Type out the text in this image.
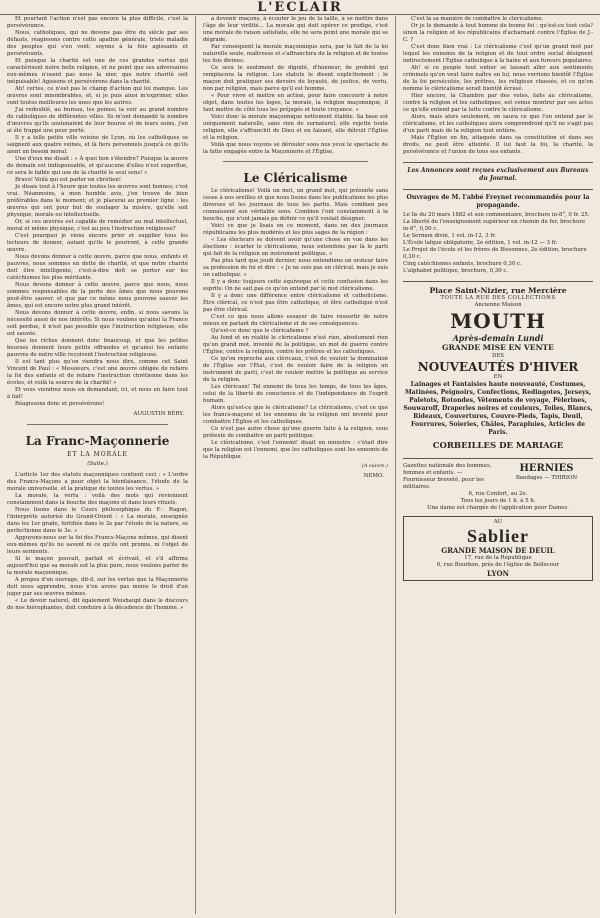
L'ECLAIR

Et pourtant l'action n'est pas encore la plus difficile, c'est la persévérance.

Nous, catholiques, qui ne devons pas être du siècle par ses défauts, réagissons contre cette apathie générale, triste maladie des peuples qui s'en vont; soyons à la fois agissants et persévérants.

Et puisque la charité est une de ces grandes vertus qui caractérisent notre belle religion, et ne point que ses adversaires eux-mêmes n'osent pas nous la nier, que notre charité soit inépuisable! Agissons et persévérons dans la charité.

Ah! certes, ce n'est pas le champ d'action qui lui manque. Les œuvres sont innombrables, et, si je puis ainsi m'exprimer, elles sont toutes meilleures les unes que les autres.

J'ai redoublé, au bureau, les peines; la voir au grand nombre de catholiques de différentes villes. Ils m'ont demandé le nombre d'œuvres qu'ils soutenaient de leur bourse et de leurs soins, j'en ai été frappé une peur porté.

Il y a telle petite ville voisine de Lyon, où les catholiques se saignent aux quatre veines, et là fiers personnels jusqu'à ce qu'ils aient un besoin moral.

Une d'eux me disait : « À quoi bon s'étendre? Puisque la œuvre de demain est indispensable, et qu'aucune d'elles n'est superflue, ce sera le faible qui use de la charité le seul sens! »

Bravo! Voilà qui est parler en chrétien!

Je disais tout à l'heure que toutes les œuvres sont bonnes; c'est vrai. Néanmoins, à mon humble avis, j'en trouve de bien préférables dans le moment; et je placerai au premier ligne : les œuvres qui ont pour but de soulager la misère, qu'elle soit physique, morale ou intellectuelle.

Or, si ces œuvres est capable de remédier au mal intellectuel, moral et même physique, c'est au peu l'instruction religieuse?

C'est pourquoi je viens encore prier et supplier tous les lecteurs de donner, autant qu'ils le pourront, à cette grande œuvre.

Nous devons donner à cette œuvre, parce que nous, enfants et pauvres, nous sommes en dette de charité, et que notre charité doit être intelligente, c'est-à-dire doit se porter sur les catéchismes les plus méritants.

Nous devons donner à cette œuvre, parce que nous, nous sommes responsables de la perte des âmes que nous pouvons peut-être sauver, et que par ce même nous pouvons sauver les âmes, qui est encore notre plus grand intérêt.

Nous devons donner à cette œuvre, enfin, si nous savons la nécessité aussi de nos intérêts. Si nous voulons qu'ainsi la France soit perdue, il n'est pas possible que l'instruction religieuse, elle est sauvée.

Que les riches donnent donc beaucoup, et que les petites bourses donnent leurs petits offrandes et qu'ainsi les enfants pauvres de notre ville reçoivent l'instruction religieuse.

Il est tant plus qu'on viendra nous dire, comme cet Saint Vincent de Paul : « Messieurs, c'est une œuvre obligée de refaire la foi des enfants et de refaire l'instruction chrétienne dans les écoles, et voilà la source de la charité! »

Et vous viendrez nous en demandant, ici, et nous en faire tout à fait!

Réagissons donc et persévérons!

AUGUSTIN BÉRY.
La Franc-Maçonnerie
ET LA MORALE
(Suite.)

L'article 1er des statuts maçonniques contient ceci : « L'ordre des Francs-Maçons a pour objet la bienfaisance, l'étude de la morale universelle, et la pratique de toutes les vertus. »

La morale, la vertu : voilà des mots qui reviennent constamment dans la bouche des maçons et dans leurs rituels.

Nous lisons dans le Cours philosophique du F.·. Ragon, l'interprète autorisé du Grand-Orient : « La morale, enseignée dans les 1er grade, fortifiée dans le 2e par l'étude de la nature, se perfectionne dans le 3e. »

Appuyons-nous sur la foi des Francs-Maçons mêmes, qui disent eux-mêmes qu'ils ne savent ni ce qu'ils ont promis, ni l'objet de leurs serments.

Si le maçon pouvait, parlait et écrivait, et s'il affirme aujourd'hui que sa morale est la plus pure, nous voulons parler de la morale maçonnique.

À propos d'un ouvrage, dit-il, sur les vertus que la Maçonnerie doit nous apprendre, nous n'en avons pas moins le droit d'en juger par ses œuvres mêmes.

« Le devoir naturel, dit également Weishaupt dans le discours de nos hiérophantes, doit conduire à la décadence de l'homme. »

à devenir maçons, à écouter le jeu de la taille, à se mettre dans l'âge de leur virilité... La morale qui doit opérer ce prodige, c'est une morale de raison satisfaite, elle ne sera point une morale qui se dégrade.

Par conséquent la morale maçonnique sera, par le fait de la loi naturelle seule, maîtresse et s'affranchira de la religion et de toutes les fois divines.

Ce sera le sentiment de dignité, d'honneur, de probité qui remplacera la religion. Les statuts le disent explicitement : le maçon doit pratiquer ses devoirs de loyauté, de justice, de vertu, non par religion, mais parce qu'il est homme.

« Pour vivre et mettre en action, pour faire concourir à notre objet, dans toutes les loges, la morale, la religion maçonnique, il faut mettre de côté tous les préjugés et toute croyance. »

Voici donc la morale maçonnique nettement établie. Sa base est uniquement naturelle, sans rien de surnaturel, elle rejette toute religion, elle s'affranchit de Dieu et en faisant, elle détruit l'Église et la religion.

Voilà que nous voyons se dérouler sous nos yeux le spectacle de la lutte engagée entre la Maçonnerie et l'Église.

Le Cléricalisme

Le cléricalisme! Voilà un mot, un grand mot, qui présente sans cesse à nos oreilles et que nous lisons dans les publications les plus diverses et les journaux de tous les partis. Mais combien peu connaissent son véritable sens. Combien l'ont constamment à la bouche, qui n'ont jamais pu définir ce qu'il voulait désigner.

Voici ce que je lisais en ce moment, dans un des journaux républicains les plus modérés et les plus sages de la région :

« Les électeurs se doivent avoir qu'une chose en vue dans les élections : écarter le cléricalisme, nous entendons par là le parti qui fait de la religion un instrument politique. »

Pas plus tard que jeudi dernier, nous entendions un orateur faire sa profession de foi et dire : « Je ne suis pas un clérical, mais je suis un catholique. »

Il y a donc toujours cette équivoque et cette confusion dans les esprits. On ne sait pas ce qu'on entend par le mot cléricalisme.

Il y a donc une différence entre cléricalisme et catholicisme. Être clérical, ce n'est pas être catholique, et être catholique n'est pas être clérical.

C'est ce que nous allons essayer de faire ressortir de notre mieux en parlant du cléricalisme et de ses conséquences.

Qu'est-ce donc que le cléricalisme ?

Au fond et en réalité le cléricalisme n'est rien, absolument rien qu'un grand mot, inventé de la politique, un mot de guerre contre l'Église, contre la religion, contre les prêtres et les catholiques.

Ce qu'on reproche aux cléricaux, c'est de vouloir la domination de l'Église sur l'État, c'est de vouloir faire de la religion un instrument de parti, c'est de vouloir mettre la politique au service de la religion.

Les cléricaux! Tel ennemi de tous les temps, de tous les âges, celui de la liberté de conscience et de l'indépendance de l'esprit humain.

Alors qu'est-ce que le cléricalisme? Le cléricalisme, c'est ce que les francs-maçons et les ennemis de la religion ont inventé pour combattre l'Église et les catholiques.

Ce n'est pas autre chose qu'une guerre faite à la religion, sous prétexte de combattre un parti politique.

Le cléricalisme, c'est l'ennemi! disait un ministre : c'était dire que la religion est l'ennemi, que les catholiques sont les ennemis de la République.

(A suivre.)
NEMO.

C'est là sa manière de combattre le cléricalisme.

Or je le demande à tout homme de bonne foi : qu'est-ce tout cela? sinon la religion et les républicains d'acharnant contre l'Église de J.-C. ?

C'est donc bien vrai : Le cléricalisme c'est qu'un grand mot par lequel les ennemis de la religion et de tout ordre social désignent indirectement l'Église catholique à la haine et aux fureurs populaires.

Ah! si ce peuple tout entier se laissait aller aux sentiments criminels qu'on veut faire naître en lui, nous verrions bientôt l'Église de la foi persécutée, les prêtres, les religieux chassés, et ce qu'on nomme le cléricalisme serait bientôt écrasé.

Hier encore, la Chambre par des votes, faits au cléricalisme, contre la religion et les catholiques, est venue montrer par ses actes ce qu'elle entend par la lutte contre le cléricalisme.

Alors, mais alors seulement, on saura ce que l'on entend par le cléricalisme, et les catholiques alors comprendront qu'il ne s'agit pas d'un parti mais de la religion tout entière.

Mais l'Église en fin, attaquée dans sa constitution et dans ses droits, ne peut être atteinte. Il lui faut la foi, la charité, la persévérance et l'union de tous ses enfants.

Les Annonces sont reçues exclusivement aux Bureaux du Journal.
Ouvrages de M. l'abbé Freynet recommandés pour la propagande.
Le lis du 20 mars 1882 et son commentaire, brochure in-8°, 0 fr. 25.
La liberté de l'enseignement supérieur en chemin de fer, brochure in-8°, 0,50 c.
Le Sermon divin, 1 vol. in-12, 3 fr.
L'École laïque obligatoire, 2e édition, 1 vol. in-12 — 3 fr.
Le Projet de l'école et les frères de Bissonnes, 2e édition, brochure 0,30 c.
Cinq catéchismes enfants, brochure 0,30 c.
L'alphabet politique, brochure, 0,30 c.
Place Saint-Nizier, rue Mercière
TOUTE LA RUE DES COLLECTIONS
Ancienne Maison
MOUTH
Après-demain Lundi
GRANDE MISE EN VENTE
DES
NOUVEAUTÉS D'HIVER
EN
Lainages et Fantaisies haute nouveauté, Costumes, Matinées, Peignoirs, Confections, Redingotes, Jerseys, Paletots, Rotondes, Vêtements de voyage, Pèlerines, Souwaroff, Draperies noires et couleurs, Toiles, Blancs, Rideaux, Couvertures, Couvre-Pieds, Tapis, Deuil, Fourrures, Soieries, Châles, Parapluies, Articles de Paris.
CORBEILLES DE MARIAGE
Gazettes nationale des hommes, femmes et enfants. — Fournisseur breveté, pour les militaires.
HERNIES
Bandages — THIRION
6, rue Confort, au 2e.
Tous les jours de 1 h. à 5 h.
Une dame est chargée de l'application pour Dames.
AU
Sablier
GRANDE MAISON DE DEUIL
17, rue de la République
6, rue Bourbon, près de l'église de Bellecour
LYON
